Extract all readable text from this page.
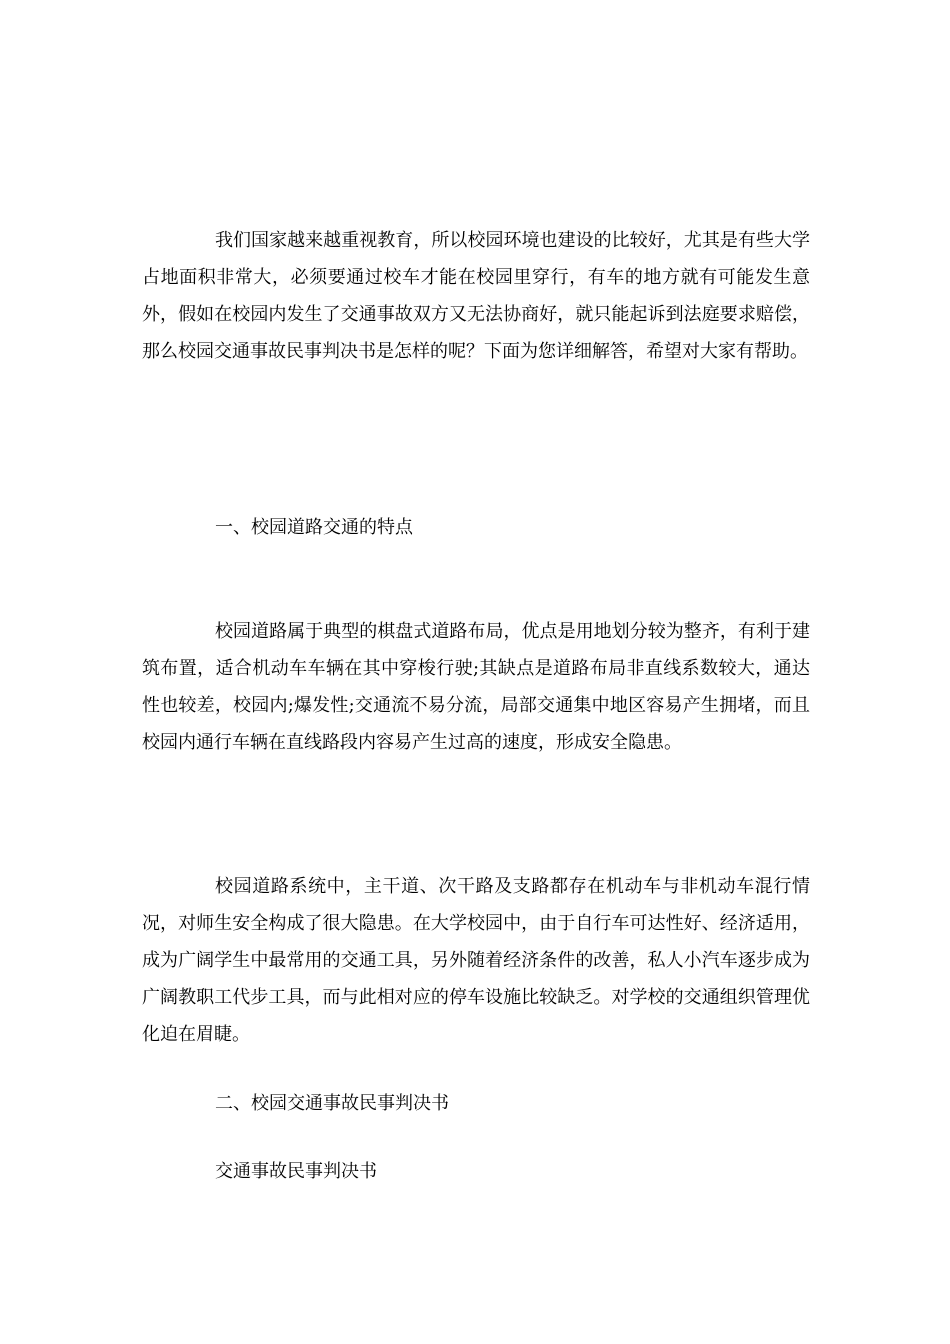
我们国家越来越重视教育，所以校园环境也建设的比较好，尤其是有些大学占地面积非常大，必须要通过校车才能在校园里穿行，有车的地方就有可能发生意外，假如在校园内发生了交通事故双方又无法协商好，就只能起诉到法庭要求赔偿，那么校园交通事故民事判决书是怎样的呢？下面为您详细解答，希望对大家有帮助。

一、校园道路交通的特点

校园道路属于典型的棋盘式道路布局，优点是用地划分较为整齐，有利于建筑布置，适合机动车车辆在其中穿梭行驶;其缺点是道路布局非直线系数较大，通达性也较差，校园内;爆发性;交通流不易分流，局部交通集中地区容易产生拥堵，而且校园内通行车辆在直线路段内容易产生过高的速度，形成安全隐患。

校园道路系统中，主干道、次干路及支路都存在机动车与非机动车混行情况，对师生安全构成了很大隐患。在大学校园中，由于自行车可达性好、经济适用，成为广阔学生中最常用的交通工具，另外随着经济条件的改善，私人小汽车逐步成为广阔教职工代步工具，而与此相对应的停车设施比较缺乏。对学校的交通组织管理优化迫在眉睫。

二、校园交通事故民事判决书

交通事故民事判决书
